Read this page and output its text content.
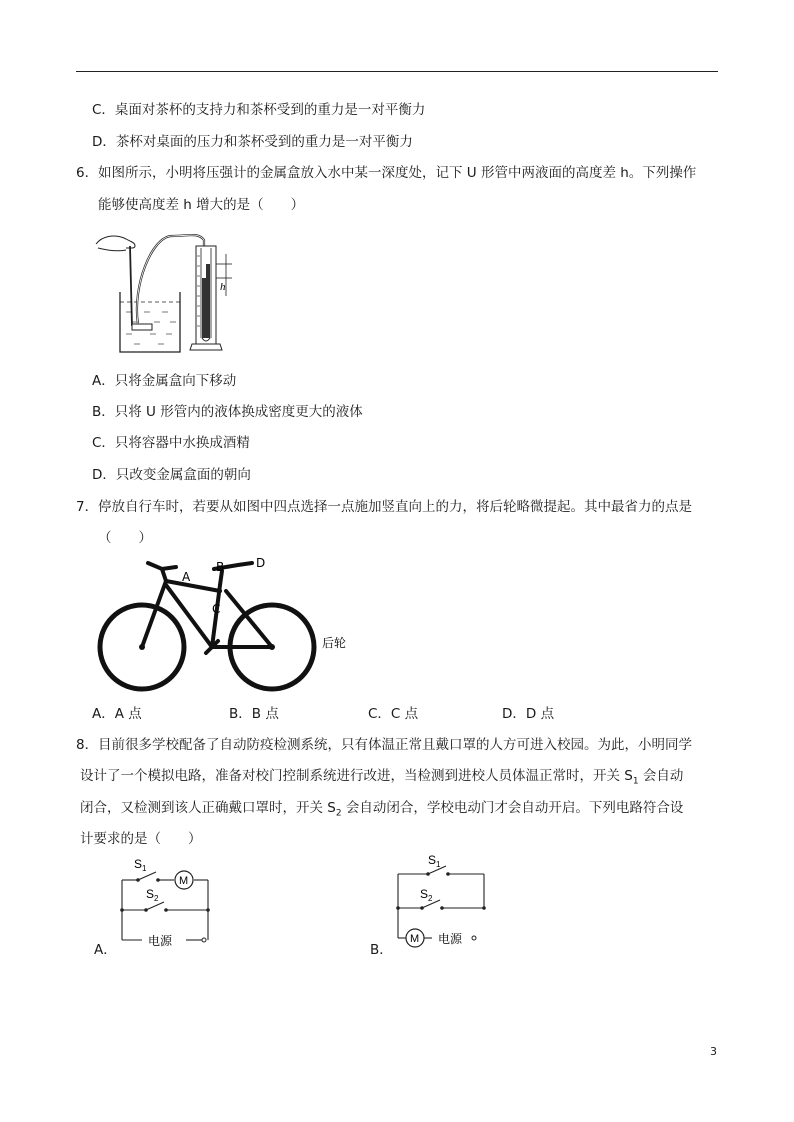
C．桌面对茶杯的支持力和茶杯受到的重力是一对平衡力
D．茶杯对桌面的压力和茶杯受到的重力是一对平衡力
6． 如图所示，小明将压强计的金属盒放入水中某一深度处，记下 U 形管中两液面的高度差 h。下列操作
能够使高度差 h 增大的是（　　）
h
A．只将金属盒向下移动
B．只将 U 形管内的液体换成密度更大的液体
C．只将容器中水换成酒精
D．只改变金属盒面的朝向
7． 停放自行车时，若要从如图中四点选择一点施加竖直向上的力，将后轮略微提起。其中最省力的点是
（　　）
A
B	D
C
后轮
A．A 点	B．B 点	C．C 点	D．D 点
8． 目前很多学校配备了自动防疫检测系统，只有体温正常且戴口罩的人方可进入校园。为此，小明同学
设计了一个模拟电路，准备对校门控制系统进行改进，当检测到进校人员体温正常时，开关 $S_1$ 会自动
闭合，又检测到该人正确戴口罩时，开关 $S_2$ 会自动闭合，学校电动门才会自动开启。下列电路符合设
计要求的是（　　）
A．
M
$S_1$
$S_2$
电源
B．
M
$S_1$
$S_2$
电源
3
